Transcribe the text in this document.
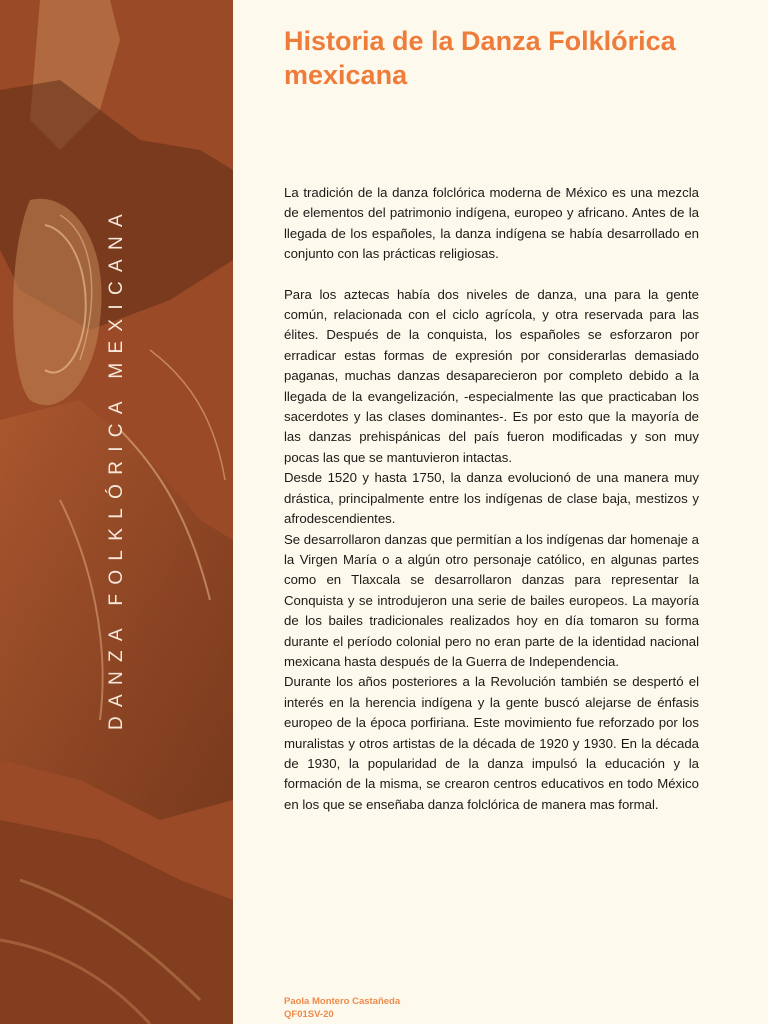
DANZA FOLKLÓRICA MEXICANA
Historia de la Danza Folklórica mexicana

La tradición de la danza folclórica moderna de México es una mezcla de elementos del patrimonio indígena, europeo y africano. Antes de la llegada de los españoles, la danza indígena se había desarrollado en conjunto con las prácticas religiosas.

Para los aztecas había dos niveles de danza, una para la gente común, relacionada con el ciclo agrícola, y otra reservada para las élites. Después de la conquista, los españoles se esforzaron por erradicar estas formas de expresión por considerarlas demasiado paganas, muchas danzas desaparecieron por completo debido a la llegada de la evangelización, -especialmente las que practicaban los sacerdotes y las clases dominantes-. Es por esto que la mayoría de las danzas prehispánicas del país fueron modificadas y son muy pocas las que se mantuvieron intactas.

Desde 1520 y hasta 1750, la danza evolucionó de una manera muy drástica, principalmente entre los indígenas de clase baja, mestizos y afrodescendientes.

Se desarrollaron danzas que permitían a los indígenas dar homenaje a la Virgen María o a algún otro personaje católico, en algunas partes como en Tlaxcala se desarrollaron danzas para representar la Conquista y se introdujeron una serie de bailes europeos. La mayoría de los bailes tradicionales realizados hoy en día tomaron su forma durante el período colonial pero no eran parte de la identidad nacional mexicana hasta después de la Guerra de Independencia.

Durante los años posteriores a la Revolución también se despertó el interés en la herencia indígena y la gente buscó alejarse de énfasis europeo de la época porfiriana. Este movimiento fue reforzado por los muralistas y otros artistas de la década de 1920 y 1930. En la década de 1930, la popularidad de la danza impulsó la educación y la formación de la misma, se crearon centros educativos en todo México en los que se enseñaba danza folclórica de manera mas formal.

Paola Montero Castañeda
QF01SV-20
